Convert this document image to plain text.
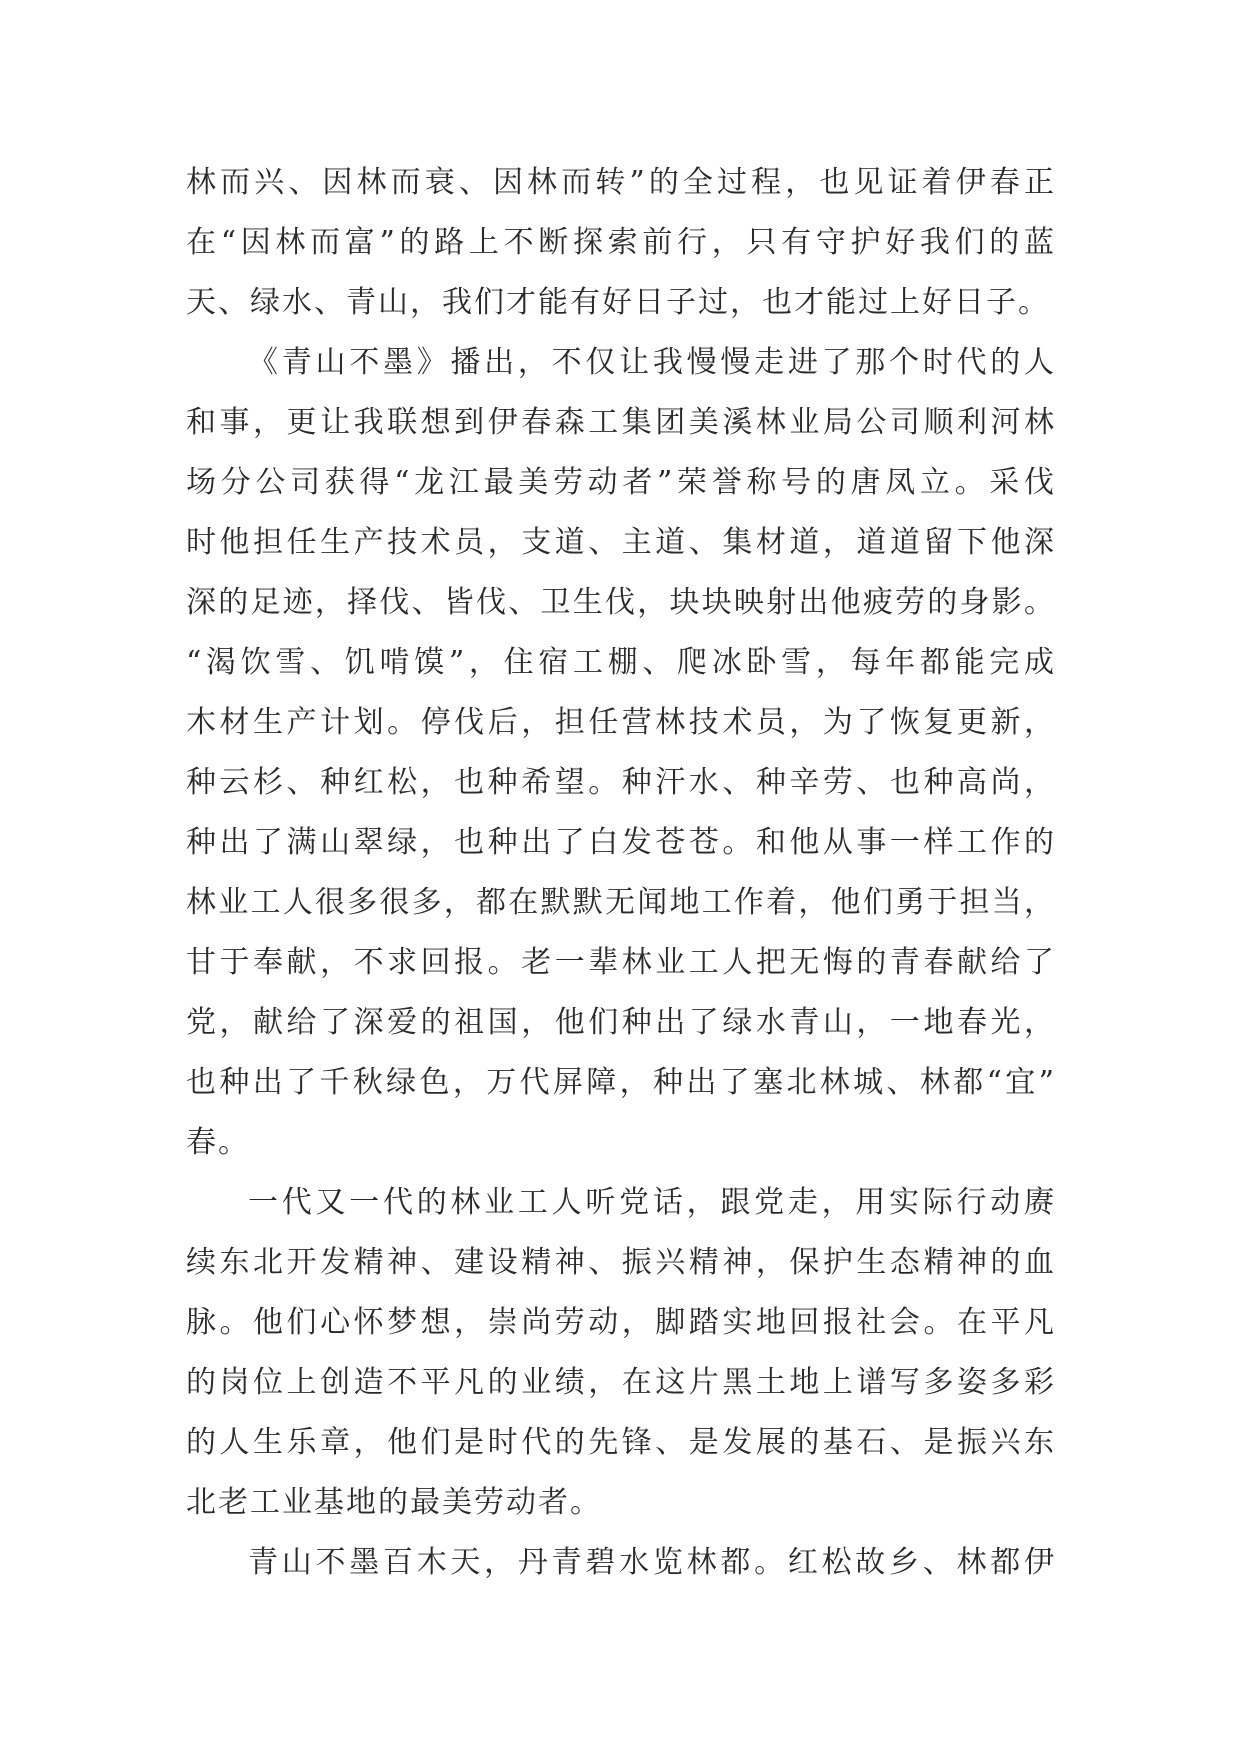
林而兴、因林而衰、因林而转”的全过程，也见证着伊春正
在“因林而富”的路上不断探索前行，只有守护好我们的蓝
天、绿水、青山，我们才能有好日子过，也才能过上好日子。
《青山不墨》播出，不仅让我慢慢走进了那个时代的人
和事，更让我联想到伊春森工集团美溪林业局公司顺利河林
场分公司获得“龙江最美劳动者”荣誉称号的唐凤立。采伐
时他担任生产技术员，支道、主道、集材道，道道留下他深
深的足迹，择伐、皆伐、卫生伐，块块映射出他疲劳的身影。
“渴饮雪、饥啃馍”，住宿工棚、爬冰卧雪，每年都能完成
木材生产计划。停伐后，担任营林技术员，为了恢复更新，
种云杉、种红松，也种希望。种汗水、种辛劳、也种高尚，
种出了满山翠绿，也种出了白发苍苍。和他从事一样工作的
林业工人很多很多，都在默默无闻地工作着，他们勇于担当，
甘于奉献，不求回报。老一辈林业工人把无悔的青春献给了
党，献给了深爱的祖国，他们种出了绿水青山，一地春光，
也种出了千秋绿色，万代屏障，种出了塞北林城、林都“宜”
春。
一代又一代的林业工人听党话，跟党走，用实际行动赓
续东北开发精神、建设精神、振兴精神，保护生态精神的血
脉。他们心怀梦想，崇尚劳动，脚踏实地回报社会。在平凡
的岗位上创造不平凡的业绩，在这片黑土地上谱写多姿多彩
的人生乐章，他们是时代的先锋、是发展的基石、是振兴东
北老工业基地的最美劳动者。
青山不墨百木天，丹青碧水览林都。红松故乡、林都伊
